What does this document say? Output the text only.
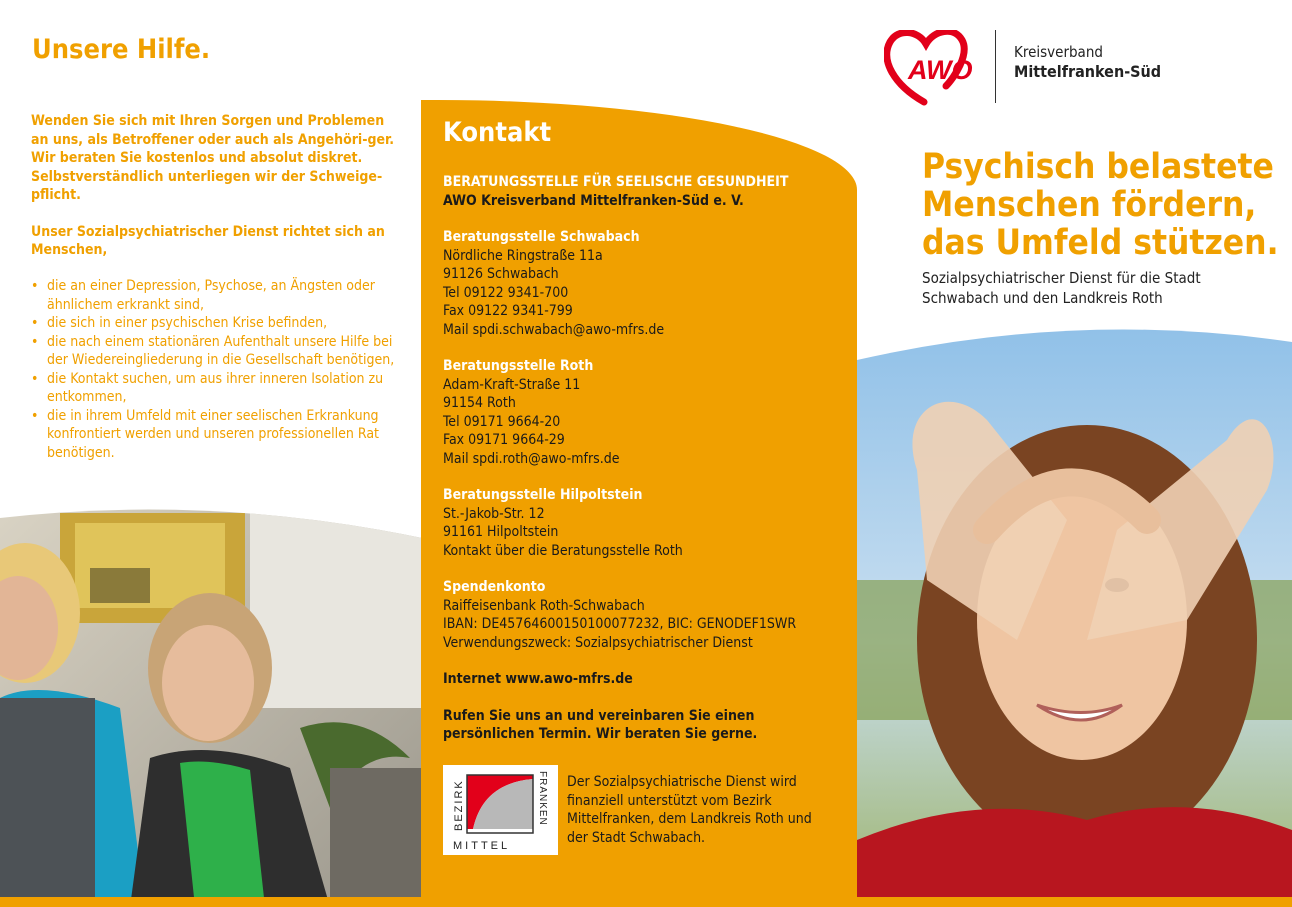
Unsere Hilfe.

Wenden Sie sich mit Ihren Sorgen und Problemen an uns, als Betroffener oder auch als Angehöri-ger. Wir beraten Sie kostenlos und absolut diskret. Selbstverständlich unterliegen wir der Schweige-pflicht.

Unser Sozialpsychiatrischer Dienst richtet sich an Menschen,

• die an einer Depression, Psychose, an Ängsten oder ähnlichem erkrankt sind,
• die sich in einer psychischen Krise befinden,
• die nach einem stationären Aufenthalt unsere Hilfe bei der Wiedereingliederung in die Gesellschaft benötigen,
• die Kontakt suchen, um aus ihrer inneren Isolation zu entkommen,
• die in ihrem Umfeld mit einer seelischen Erkrankung konfrontiert werden und unseren professionellen Rat benötigen.
Kontakt
BERATUNGSSTELLE FÜR SEELISCHE GESUNDHEIT
AWO Kreisverband Mittelfranken-Süd e. V.
Beratungsstelle Schwabach
Nördliche Ringstraße 11a
91126 Schwabach
Tel 09122 9341-700
Fax 09122 9341-799
Mail spdi.schwabach@awo-mfrs.de
Beratungsstelle Roth
Adam-Kraft-Straße 11
91154 Roth
Tel 09171 9664-20
Fax 09171 9664-29
Mail spdi.roth@awo-mfrs.de
Beratungsstelle Hilpoltstein
St.-Jakob-Str. 12
91161 Hilpoltstein
Kontakt über die Beratungsstelle Roth
Spendenkonto
Raiffeisenbank Roth-Schwabach
IBAN: DE45764600150100077232, BIC: GENODEF1SWR
Verwendungszweck: Sozialpsychiatrischer Dienst
Internet www.awo-mfrs.de
Rufen Sie uns an und vereinbaren Sie einen
persönlichen Termin. Wir beraten Sie gerne.
BEZIRK
MITTEL
FRANKEN Der Sozialpsychiatrische Dienst wird finanziell unterstützt vom Bezirk Mittelfranken, dem Landkreis Roth und der Stadt Schwabach.
AWO
Kreisverband
Mittelfranken-Süd
Psychisch belastete
Menschen fördern,
das Umfeld stützen.
Sozialpsychiatrischer Dienst für die Stadt
Schwabach und den Landkreis Roth
